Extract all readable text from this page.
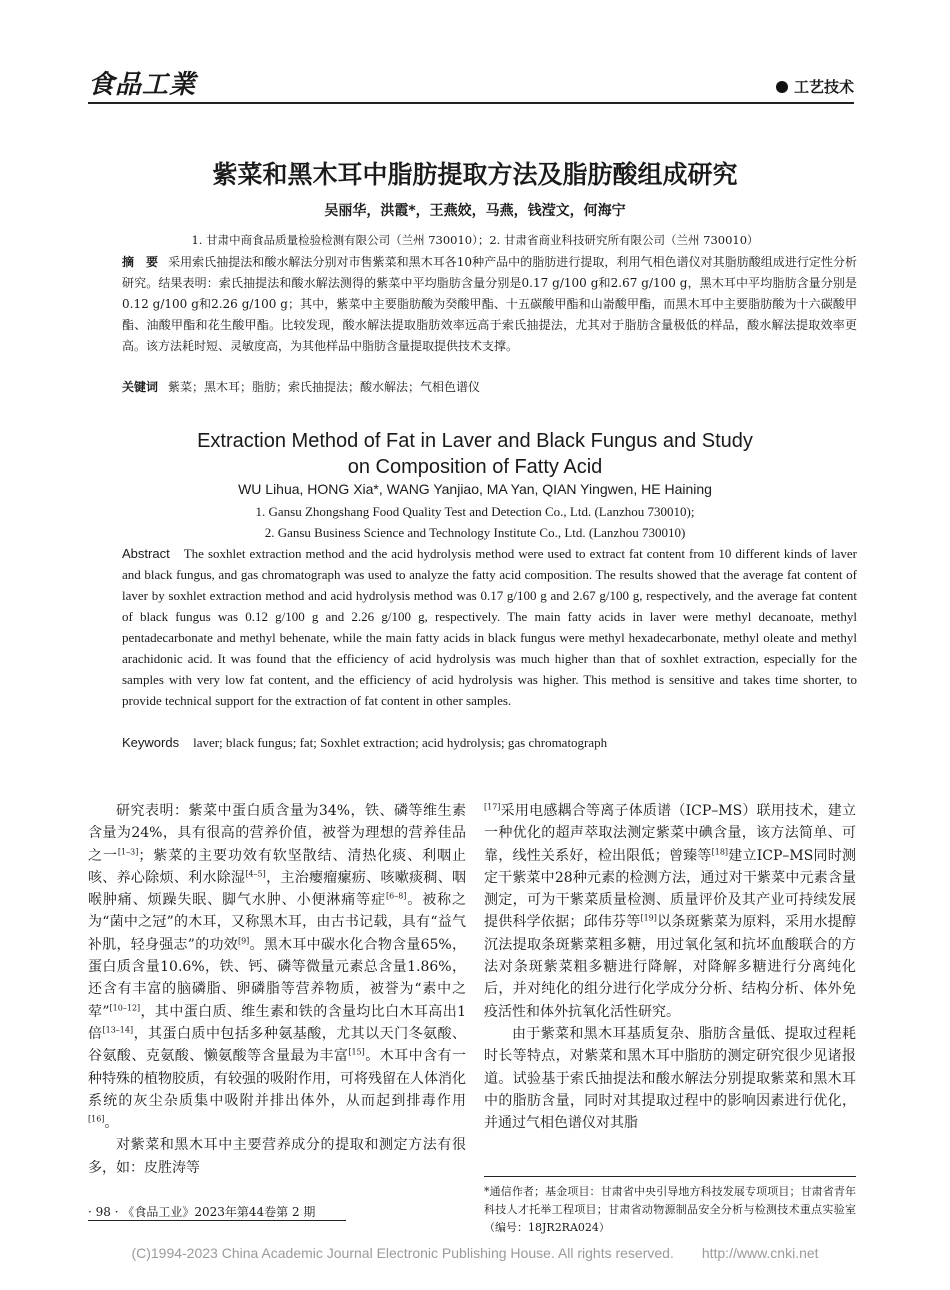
食品工業	工艺技术
紫菜和黑木耳中脂肪提取方法及脂肪酸组成研究
吴丽华，洪霞*，王燕姣，马燕，钱滢文，何海宁
1. 甘肃中商食品质量检验检测有限公司（兰州 730010）；2. 甘肃省商业科技研究所有限公司（兰州 730010）
摘　要 采用索氏抽提法和酸水解法分别对市售紫菜和黑木耳各10种产品中的脂肪进行提取，利用气相色谱仪对其脂肪酸组成进行定性分析研究。结果表明：索氏抽提法和酸水解法测得的紫菜中平均脂肪含量分别是0.17 g/100 g和2.67 g/100 g，黑木耳中平均脂肪含量分别是0.12 g/100 g和2.26 g/100 g；其中，紫菜中主要脂肪酸为癸酸甲酯、十五碳酸甲酯和山嵛酸甲酯，而黑木耳中主要脂肪酸为十六碳酸甲酯、油酸甲酯和花生酸甲酯。比较发现，酸水解法提取脂肪效率远高于索氏抽提法，尤其对于脂肪含量极低的样品，酸水解法提取效率更高。该方法耗时短、灵敏度高，为其他样品中脂肪含量提取提供技术支撑。
关键词 紫菜；黑木耳；脂肪；索氏抽提法；酸水解法；气相色谱仪
Extraction Method of Fat in Laver and Black Fungus and Study
on Composition of Fatty Acid
WU Lihua, HONG Xia*, WANG Yanjiao, MA Yan, QIAN Yingwen, HE Haining
1. Gansu Zhongshang Food Quality Test and Detection Co., Ltd. (Lanzhou 730010);
2. Gansu Business Science and Technology Institute Co., Ltd. (Lanzhou 730010)
Abstract The soxhlet extraction method and the acid hydrolysis method were used to extract fat content from 10 different kinds of laver and black fungus, and gas chromatograph was used to analyze the fatty acid composition. The results showed that the average fat content of laver by soxhlet extraction method and acid hydrolysis method was 0.17 g/100 g and 2.67 g/100 g, respectively, and the average fat content of black fungus was 0.12 g/100 g and 2.26 g/100 g, respectively. The main fatty acids in laver were methyl decanoate, methyl pentadecarbonate and methyl behenate, while the main fatty acids in black fungus were methyl hexadecarbonate, methyl oleate and methyl arachidonic acid. It was found that the efficiency of acid hydrolysis was much higher than that of soxhlet extraction, especially for the samples with very low fat content, and the efficiency of acid hydrolysis was higher. This method is sensitive and takes time shorter, to provide technical support for the extraction of fat content in other samples.
Keywords laver; black fungus; fat; Soxhlet extraction; acid hydrolysis; gas chromatograph

研究表明：紫菜中蛋白质含量为34%，铁、磷等维生素含量为24%，具有很高的营养价值，被誉为理想的营养佳品之一[1–3]；紫菜的主要功效有软坚散结、清热化痰、利咽止咳、养心除烦、利水除湿[4–5]，主治瘿瘤瘰疬、咳嗽痰稠、咽喉肿痛、烦躁失眠、脚气水肿、小便淋痛等症[6–8]。被称之为“菌中之冠”的木耳，又称黑木耳，由古书记载，具有“益气补肌，轻身强志”的功效[9]。黑木耳中碳水化合物含量65%，蛋白质含量10.6%，铁、钙、磷等微量元素总含量1.86%，还含有丰富的脑磷脂、卵磷脂等营养物质，被誉为“素中之荤”[10–12]，其中蛋白质、维生素和铁的含量均比白木耳高出1倍[13–14]，其蛋白质中包括多种氨基酸，尤其以天门冬氨酸、谷氨酸、克氨酸、懒氨酸等含量最为丰富[15]。木耳中含有一种特殊的植物胶质，有较强的吸附作用，可将残留在人体消化系统的灰尘杂质集中吸附并排出体外，从而起到排毒作用[16]。

对紫菜和黑木耳中主要营养成分的提取和测定方法有很多，如：皮胜涛等

[17]采用电感耦合等离子体质谱（ICP–MS）联用技术，建立一种优化的超声萃取法测定紫菜中碘含量，该方法简单、可靠，线性关系好，检出限低；曾臻等[18]建立ICP–MS同时测定干紫菜中28种元素的检测方法，通过对干紫菜中元素含量测定，可为干紫菜质量检测、质量评价及其产业可持续发展提供科学依据；邱伟芬等[19]以条斑紫菜为原料，采用水提醇沉法提取条斑紫菜粗多糖，用过氧化氢和抗坏血酸联合的方法对条斑紫菜粗多糖进行降解，对降解多糖进行分离纯化后，并对纯化的组分进行化学成分分析、结构分析、体外免疫活性和体外抗氧化活性研究。

由于紫菜和黑木耳基质复杂、脂肪含量低、提取过程耗时长等特点，对紫菜和黑木耳中脂肪的测定研究很少见诸报道。试验基于索氏抽提法和酸水解法分别提取紫菜和黑木耳中的脂肪含量，同时对其提取过程中的影响因素进行优化，并通过气相色谱仪对其脂

*通信作者；基金项目：甘肃省中央引导地方科技发展专项项目；甘肃省青年科技人才托举工程项目；甘肃省动物源制品安全分析与检测技术重点实验室（编号：18JR2RA024）
· 98 · 《食品工业》2023年第44卷第 2 期
(C)1994-2023 China Academic Journal Electronic Publishing House. All rights reserved.　　http://www.cnki.net
